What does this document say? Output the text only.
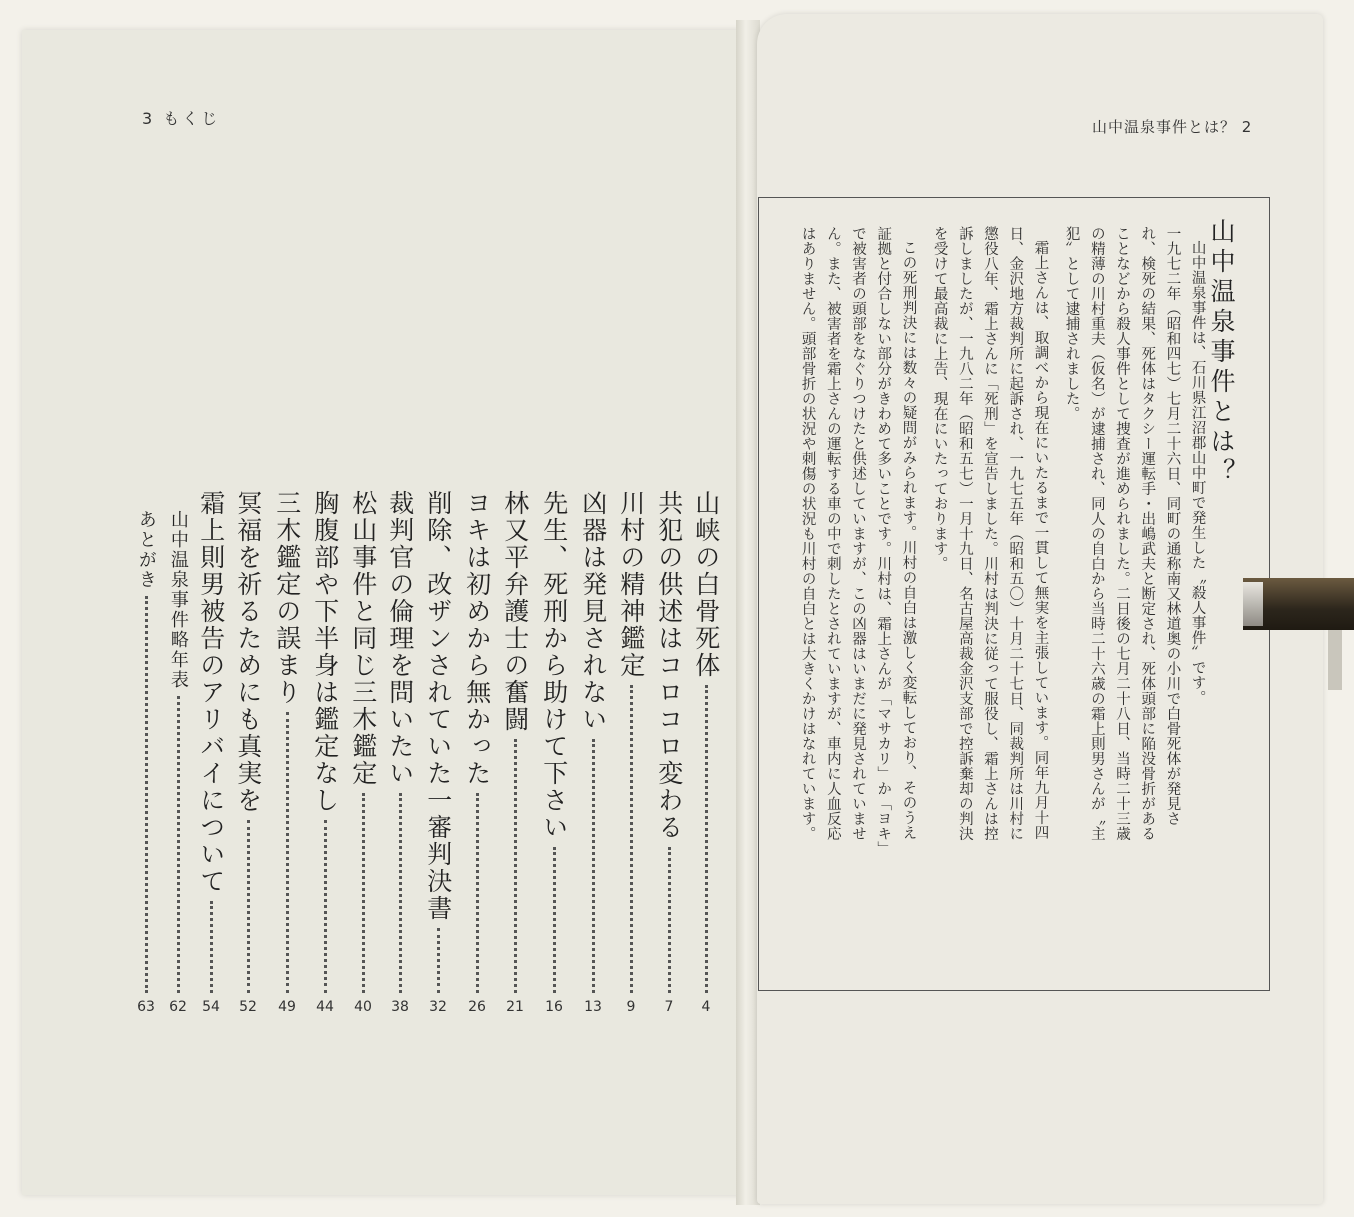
3 もくじ	山中温泉事件とは？ 2
山峡の白骨死体
4
共犯の供述はコロコロ変わる
7
川村の精神鑑定
9
凶器は発見されない
13
先生、死刑から助けて下さい
16
林又平弁護士の奮闘
21
ヨキは初めから無かった
26
削除、改ザンされていた一審判決書
32
裁判官の倫理を問いたい
38
松山事件と同じ三木鑑定
40
胸腹部や下半身は鑑定なし
44
三木鑑定の誤まり
49
冥福を祈るためにも真実を
52
霜上則男被告のアリバイについて
54
山中温泉事件略年表
62
あとがき
63
山中温泉事件とは？
山中温泉事件は、石川県江沼郡山中町で発生した〝殺人事件〟です。
一九七二年（昭和四七）七月二十六日、同町の通称南又林道奥の小川で白骨死体が発見さ
れ、検死の結果、死体はタクシー運転手・出嶋武夫と断定され、死体頭部に陥没骨折がある
ことなどから殺人事件として捜査が進められました。二日後の七月二十八日、当時二十三歳
の精薄の川村重夫（仮名）が逮捕され、同人の自白から当時二十六歳の霜上則男さんが〝主
犯〟として逮捕されました。
霜上さんは、取調べから現在にいたるまで一貫して無実を主張しています。同年九月十四
日、金沢地方裁判所に起訴され、一九七五年（昭和五〇）十月二十七日、同裁判所は川村に
懲役八年、霜上さんに「死刑」を宣告しました。川村は判決に従って服役し、霜上さんは控
訴しましたが、一九八二年（昭和五七）一月十九日、名古屋高裁金沢支部で控訴棄却の判決
を受けて最高裁に上告、現在にいたっております。
この死刑判決には数々の疑問がみられます。川村の自白は激しく変転しており、そのうえ
証拠と付合しない部分がきわめて多いことです。川村は、霜上さんが「マサカリ」か「ヨキ」
で被害者の頭部をなぐりつけたと供述していますが、この凶器はいまだに発見されていませ
ん。また、被害者を霜上さんの運転する車の中で刺したとされていますが、車内に人血反応
はありません。頭部骨折の状況や刺傷の状況も川村の自白とは大きくかけはなれています。
